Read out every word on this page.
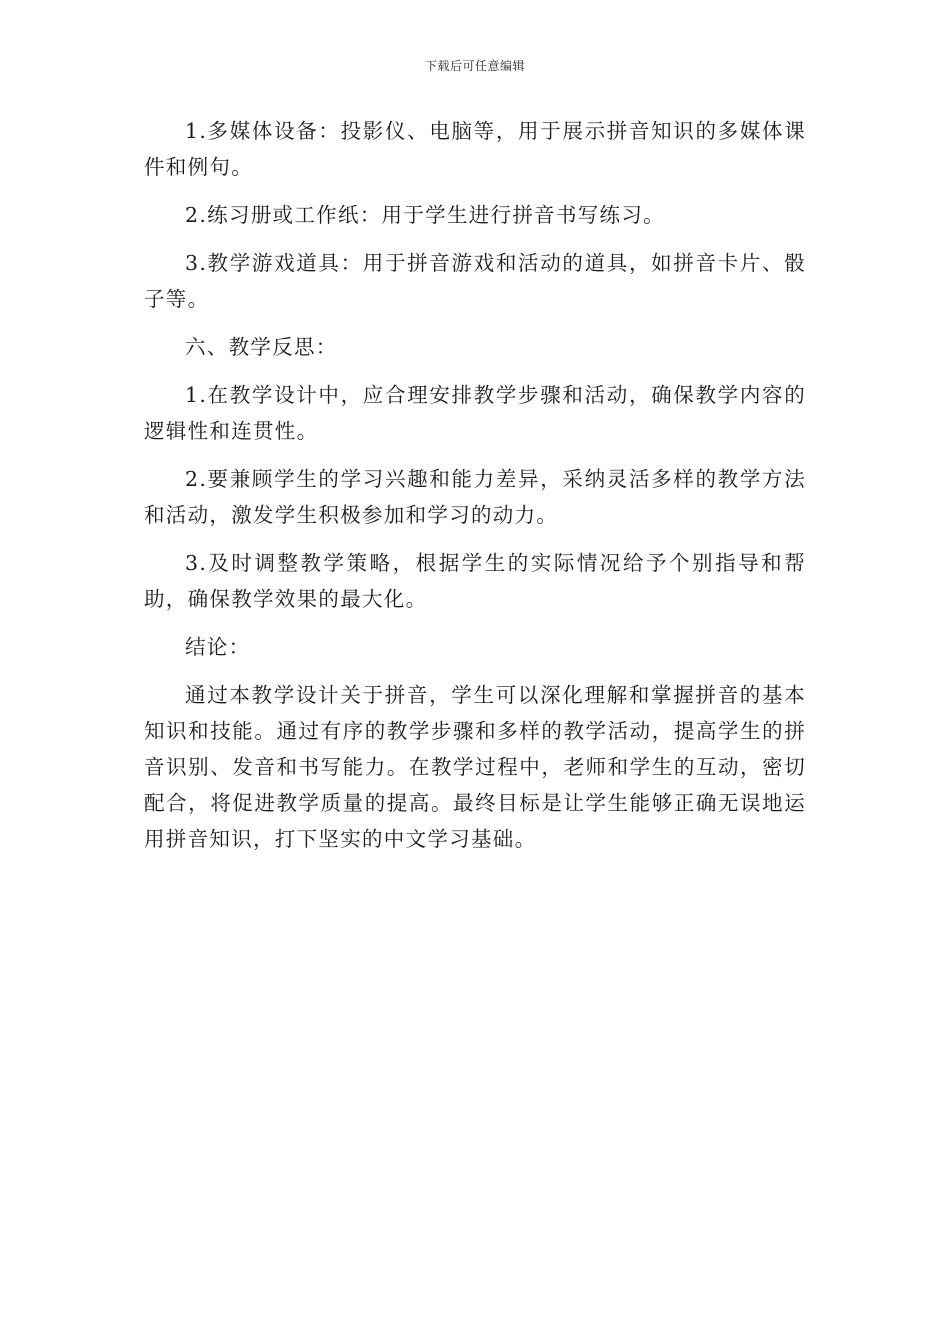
下载后可任意编辑

1.多媒体设备：投影仪、电脑等，用于展示拼音知识的多媒体课件和例句。

2.练习册或工作纸：用于学生进行拼音书写练习。

3.教学游戏道具：用于拼音游戏和活动的道具，如拼音卡片、骰子等。

六、教学反思：

1.在教学设计中，应合理安排教学步骤和活动，确保教学内容的逻辑性和连贯性。

2.要兼顾学生的学习兴趣和能力差异，采纳灵活多样的教学方法和活动，激发学生积极参加和学习的动力。

3.及时调整教学策略，根据学生的实际情况给予个别指导和帮助，确保教学效果的最大化。

结论：

通过本教学设计关于拼音，学生可以深化理解和掌握拼音的基本知识和技能。通过有序的教学步骤和多样的教学活动，提高学生的拼音识别、发音和书写能力。在教学过程中，老师和学生的互动，密切配合，将促进教学质量的提高。最终目标是让学生能够正确无误地运用拼音知识，打下坚实的中文学习基础。
